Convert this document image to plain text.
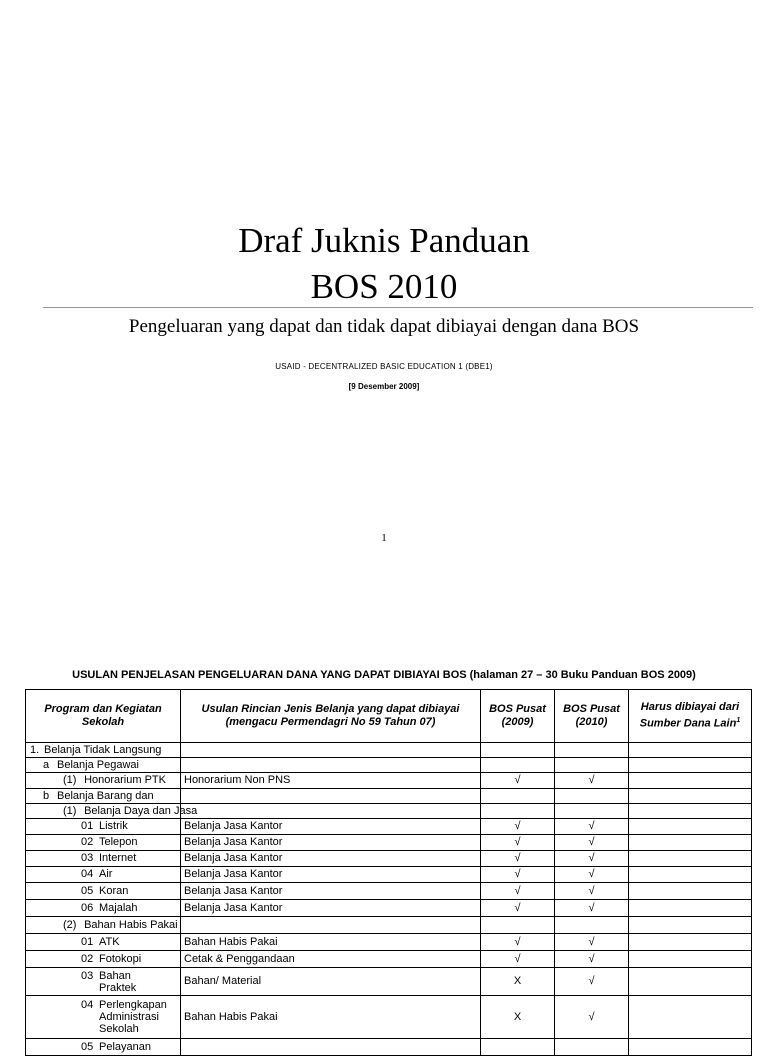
Draf Juknis Panduan
BOS 2010
Pengeluaran yang dapat dan tidak dapat dibiayai dengan dana BOS
USAID - DECENTRALIZED BASIC EDUCATION 1 (DBE1)
[9 Desember 2009]
1
USULAN PENJELASAN PENGELUARAN DANA YANG DAPAT DIBIAYAI BOS (halaman 27 – 30 Buku Panduan BOS 2009)
Program dan Kegiatan Sekolah	Usulan Rincian Jenis Belanja yang dapat dibiayai (mengacu Permendagri No 59 Tahun 07)	BOS Pusat (2009)	BOS Pusat (2010)	Harus dibiayai dari Sumber Dana Lain$^1$
1. Belanja Tidak Langsung				
a Belanja Pegawai				
(1) Honorarium PTK	Honorarium Non PNS	√	√	
b Belanja Barang dan				
(1) Belanja Daya dan Jasa				
01 Listrik	Belanja Jasa Kantor	√	√	
02 Telepon	Belanja Jasa Kantor	√	√	
03 Internet	Belanja Jasa Kantor	√	√	
04 Air	Belanja Jasa Kantor	√	√	
05 Koran	Belanja Jasa Kantor	√	√	
06 Majalah	Belanja Jasa Kantor	√	√	
(2) Bahan Habis Pakai				
01 ATK	Bahan Habis Pakai	√	√	
02 Fotokopi	Cetak & Penggandaan	√	√	
03 Bahan Praktek	Bahan/ Material	X	√	
04 Perlengkapan Administrasi Sekolah	Bahan Habis Pakai	X	√	
05 Pelayanan				
